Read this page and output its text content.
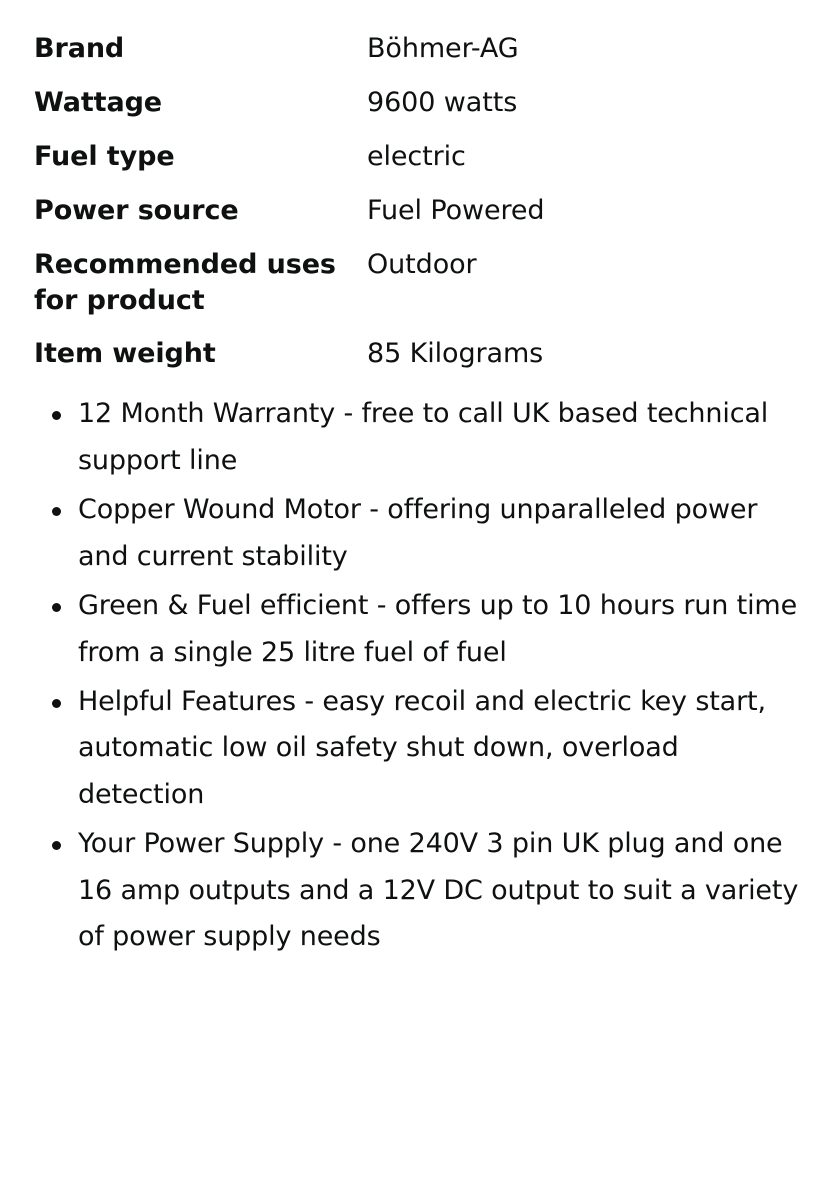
Brand	Böhmer-AG
Wattage	9600 watts
Fuel type	electric
Power source	Fuel Powered
Recommended uses for product	Outdoor
Item weight	85 Kilograms
12 Month Warranty - free to call UK based technical support line
Copper Wound Motor - offering unparalleled power and current stability
Green & Fuel efficient - offers up to 10 hours run time from a single 25 litre fuel of fuel
Helpful Features - easy recoil and electric key start, automatic low oil safety shut down, overload detection
Your Power Supply - one 240V 3 pin UK plug and one 16 amp outputs and a 12V DC output to suit a variety of power supply needs
